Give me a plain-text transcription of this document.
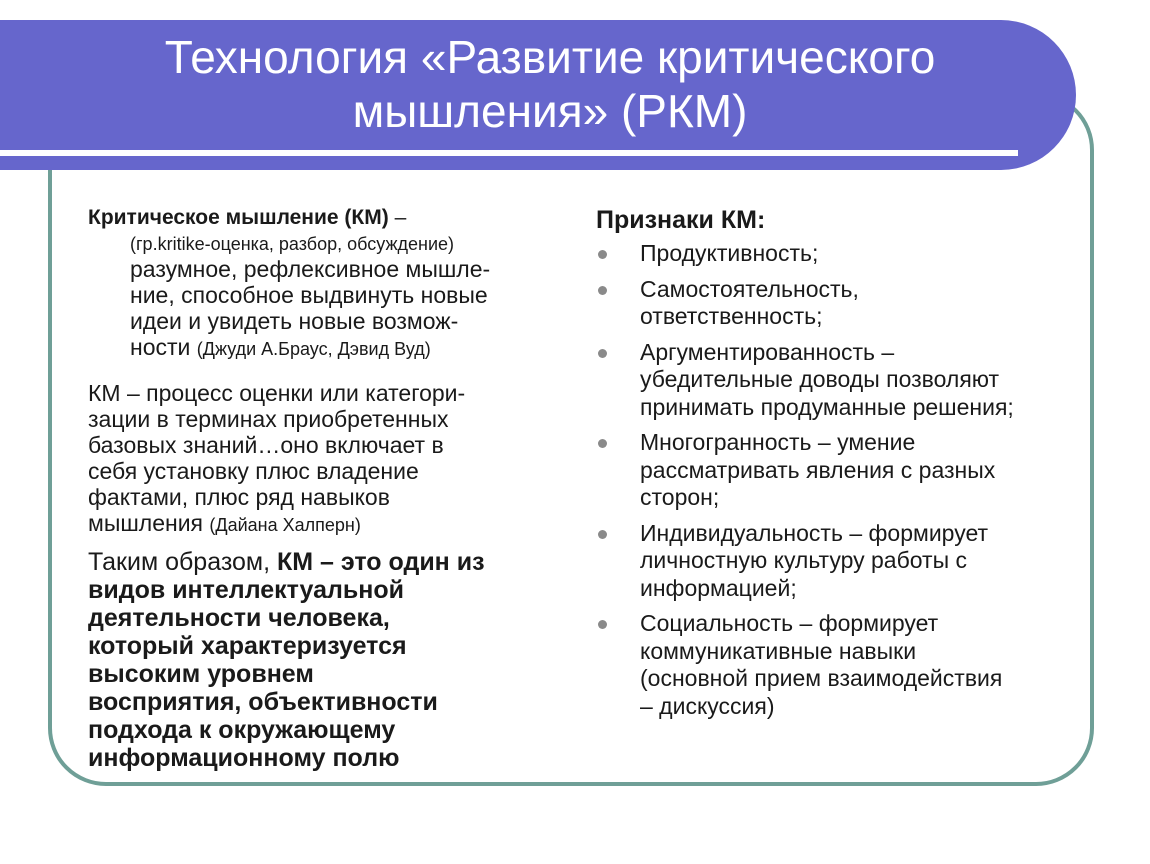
Технология «Развитие критического
мышления» (РКМ)
Критическое мышление (КМ) –
(гр.kritike-оценка, разбор, обсуждение)
разумное, рефлексивное мышле-
ние, способное выдвинуть новые
идеи и увидеть новые возмож-
ности (Джуди А.Браус, Дэвид Вуд)
КМ – процесс оценки или категори-
зации в терминах приобретенных
базовых знаний…оно включает в
себя установку плюс владение
фактами, плюс ряд навыков
мышления (Дайана Халперн)
Таким образом, КМ – это один из
видов интеллектуальной
деятельности человека,
который характеризуется
высоким уровнем
восприятия, объективности
подхода к окружающему
информационному полю
Признаки КМ:
Продуктивность;
Самостоятельность,
ответственность;
Аргументированность –
убедительные доводы позволяют
принимать продуманные решения;
Многогранность – умение
рассматривать явления с разных
сторон;
Индивидуальность – формирует
личностную культуру работы с
информацией;
Социальность – формирует
коммуникативные навыки
(основной прием взаимодействия
– дискуссия)
